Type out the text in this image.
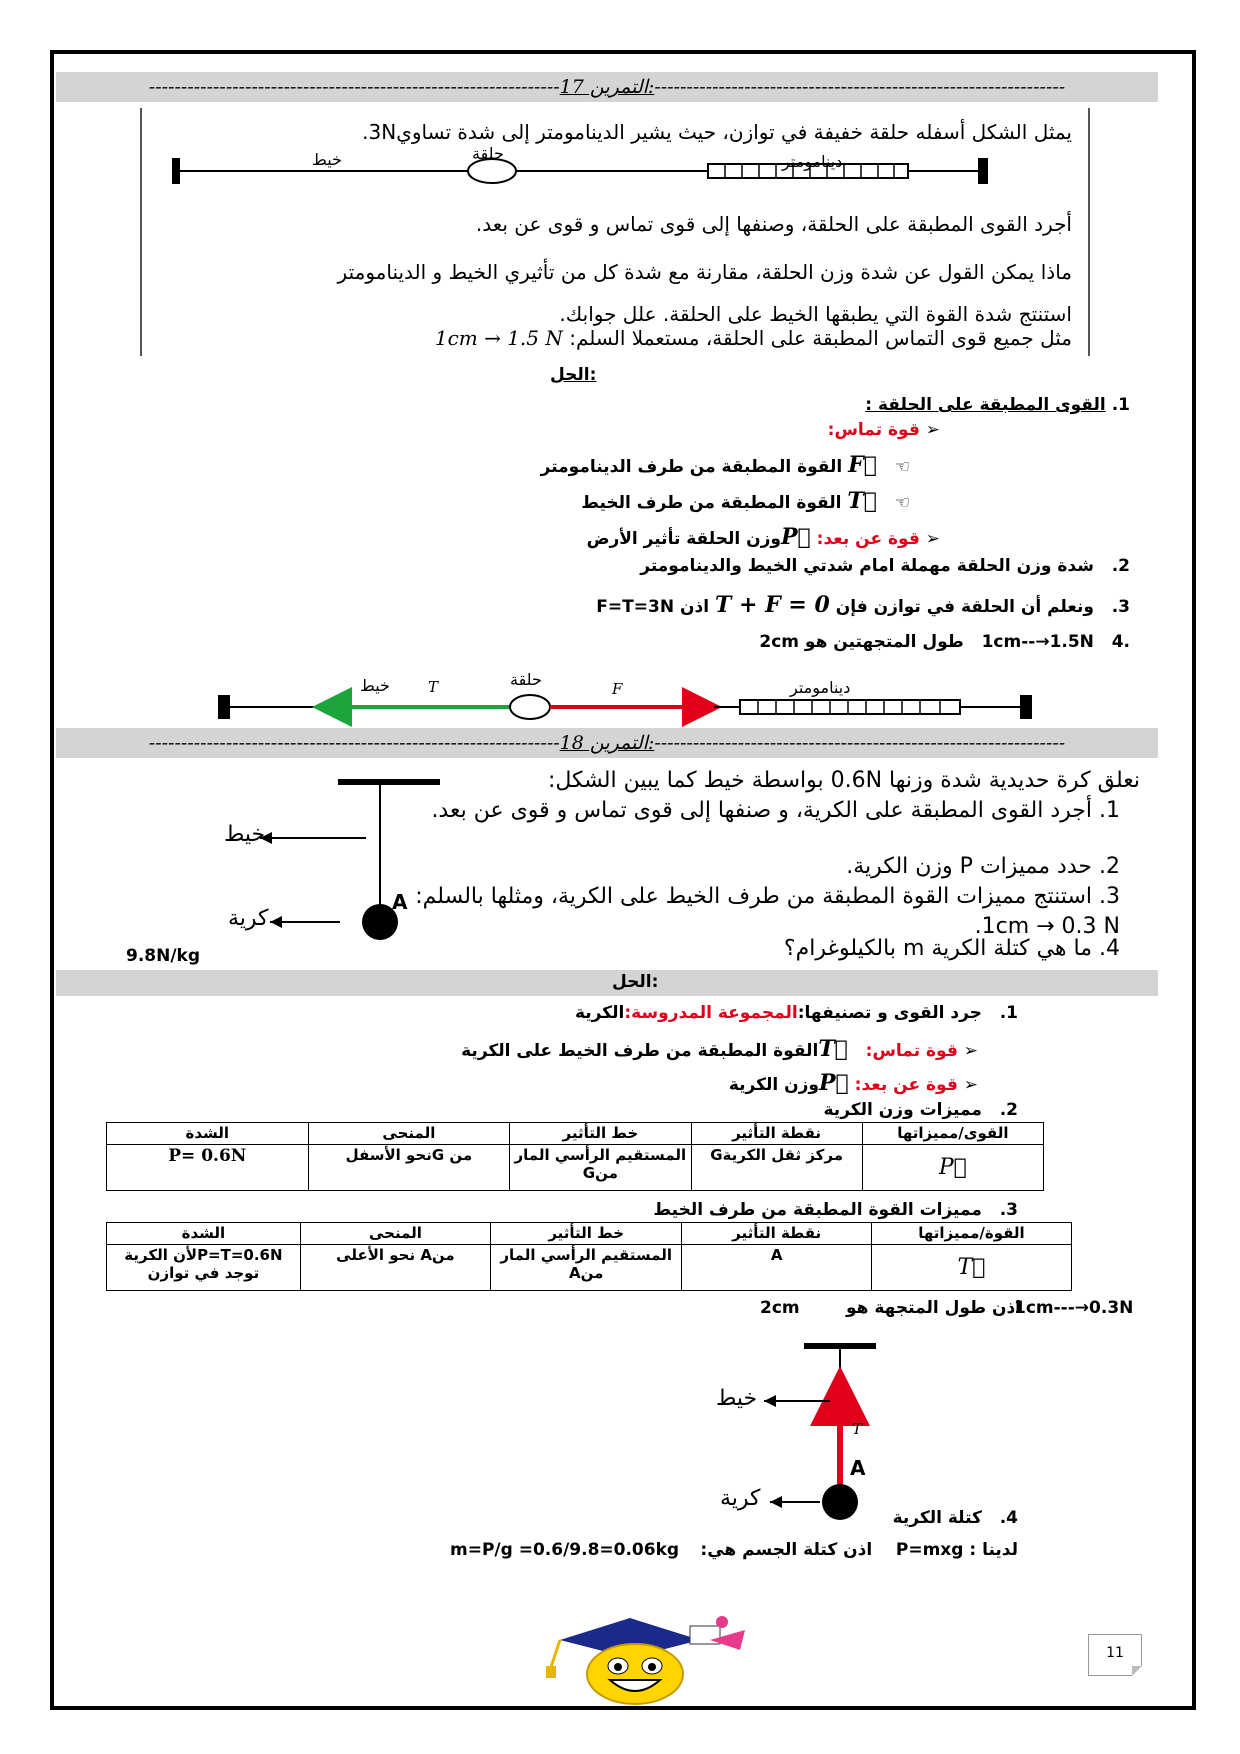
----------------------------------------------------------------التمرين 17:----------------------------------------------------------------
يمثل الشكل أسفله حلقة خفيفة في توازن، حيث يشير الدينامومتر إلى شدة تساوي3N.
خيط	حلقة	دينامومتر
أجرد القوى المطبقة على الحلقة، وصنفها إلى قوى تماس و قوى عن بعد.
ماذا يمكن القول عن شدة وزن الحلقة، مقارنة مع شدة كل من تأثيري الخيط و الدينامومتر
استنتج شدة القوة التي يطبقها الخيط على الحلقة. علل جوابك.
مثل جميع قوى التماس المطبقة على الحلقة، مستعملا السلم: 1cm → 1.5 N
الحل:
1. القوى المطبقة على الحلقة :
➢ قوة تماس:
☜   F⃗ القوة المطبقة من طرف الدينامومتر
☜   T⃗ القوة المطبقة من طرف الخيط
➢ قوة عن بعد: P⃗وزن الحلقة تأثير الأرض
2.   شدة وزن الحلقة مهملة امام شدتي الخيط والدينامومتر
3.   ونعلم أن الحلقة في توازن فإن T + F = 0 اذن F=T=3N
.4   1cm--→1.5N   طول المتجهتين هو 2cm
خيط	T	حلقة	F	دينامومتر
----------------------------------------------------------------التمرين 18:----------------------------------------------------------------
نعلق كرة حديدية شدة وزنها 0.6N بواسطة خيط كما يبين الشكل:
1. أجرد القوى المطبقة على الكرية، و صنفها إلى قوى تماس و قوى عن بعد.
2. حدد مميزات P وزن الكرية.
3. استنتج مميزات القوة المطبقة من طرف الخيط على الكرية، ومثلها بالسلم: 1cm → 0.3 N.
4. ما هي كتلة الكرية m بالكيلوغرام؟
خيط
كرية
A
9.8N/kg
الحل:
1.   جرد القوى و تصنيفها:المجموعة المدروسة:الكرية
➢ قوة تماس:   T⃗القوة المطبقة من طرف الخيط على الكرية
➢ قوة عن بعد: P⃗وزن الكرية
2.   مميزات وزن الكرية
القوى/مميزاتها	نقطة التأثير	خط التأثير	المنحى	الشدة
P	مركز ثقل الكريةG	المستقيم الرأسي المار منG	من Gنحو الأسفل	P= 0.6N
3.   مميزات القوة المطبقة من طرف الخيط
القوة/مميزاتها	نقطة التأثير	خط التأثير	المنحى	الشدة
T	A	المستقيم الرأسي المار منA	منA نحو الأعلى	P=T=0.6Nلأن الكرية توجد في توازن
1cm---→0.3N
اذن طول المتجهة هو
2cm
خيط
T
A
كرية
4.   كتلة الكرية
لدينا : P=mxg    اذن كتلة الجسم هي:
m=P/g =0.6/9.8=0.06kg
11
